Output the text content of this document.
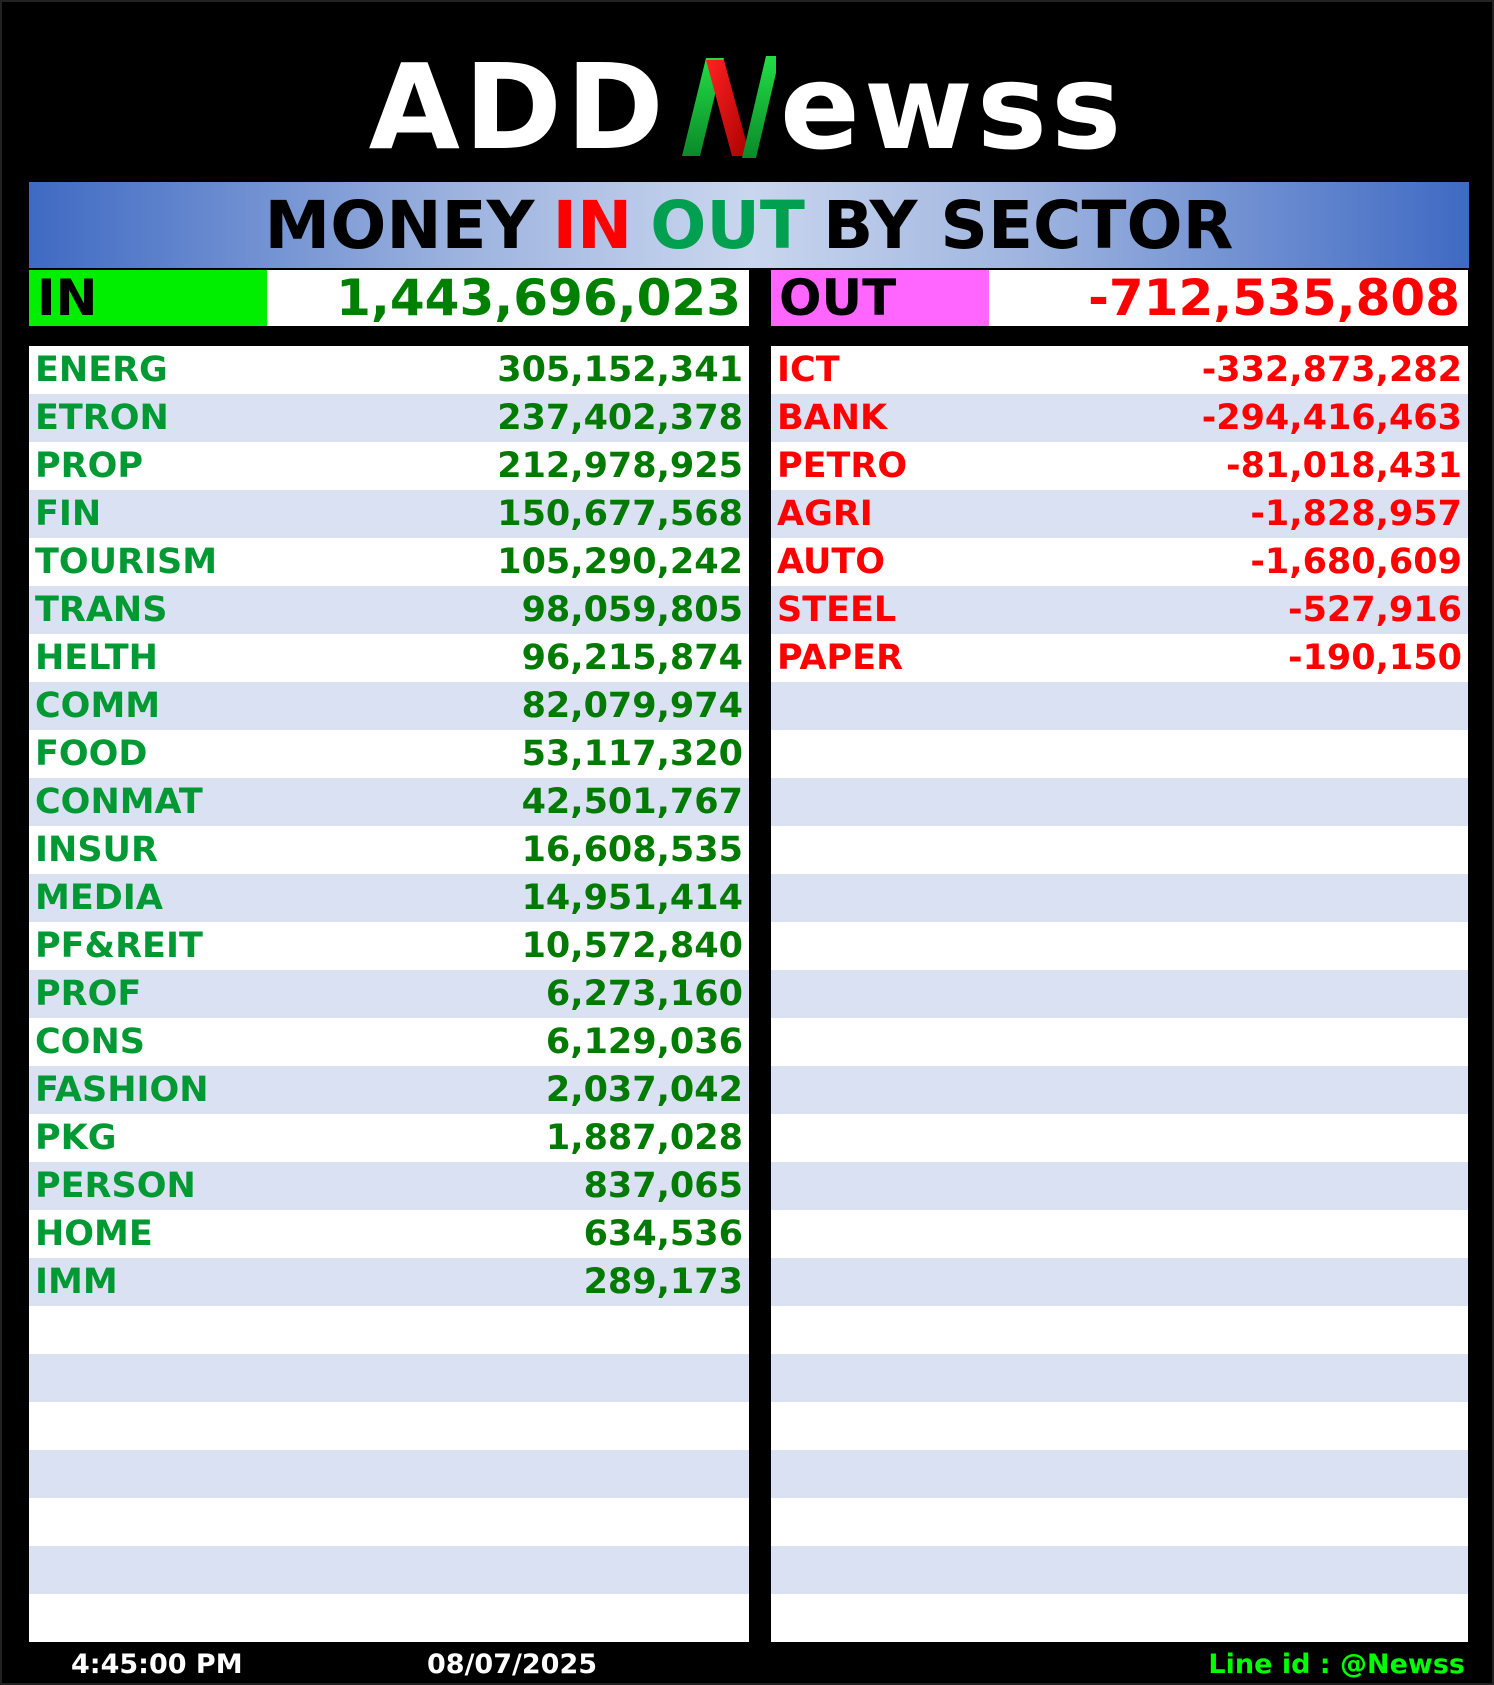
ADD ewss
MONEY IN OUT BY SECTOR
IN	1,443,696,023
ENERG	305,152,341
ETRON	237,402,378
PROP	212,978,925
FIN	150,677,568
TOURISM	105,290,242
TRANS	98,059,805
HELTH	96,215,874
COMM	82,079,974
FOOD	53,117,320
CONMAT	42,501,767
INSUR	16,608,535
MEDIA	14,951,414
PF&REIT	10,572,840
PROF	6,273,160
CONS	6,129,036
FASHION	2,037,042
PKG	1,887,028
PERSON	837,065
HOME	634,536
IMM	289,173
OUT	-712,535,808
ICT	-332,873,282
BANK	-294,416,463
PETRO	-81,018,431
AGRI	-1,828,957
AUTO	-1,680,609
STEEL	-527,916
PAPER	-190,150
4:45:00 PM	08/07/2025	Line id : @Newss
